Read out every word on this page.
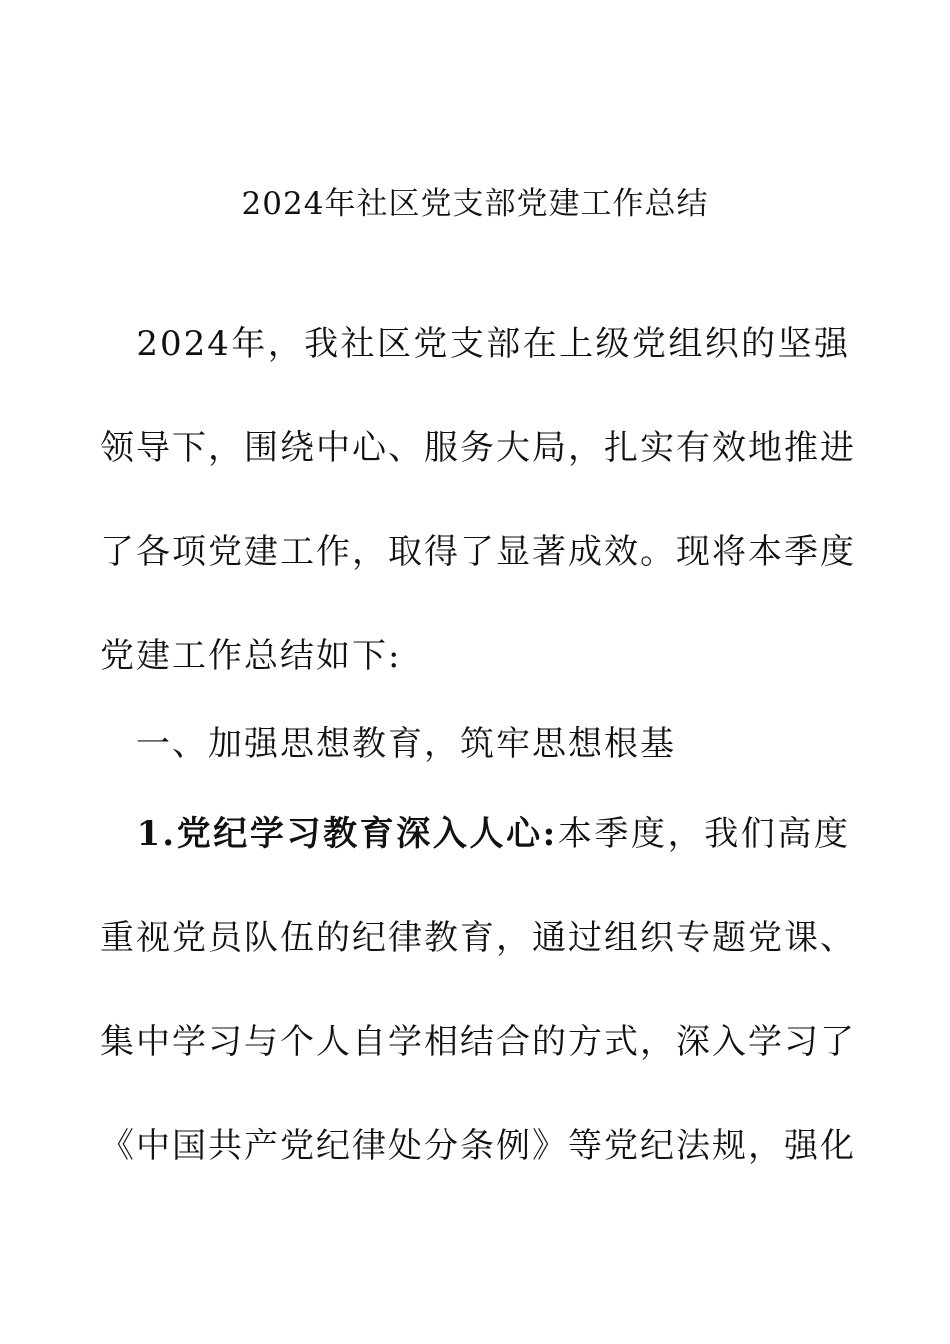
2024年社区党支部党建工作总结
　2024年，我社区党支部在上级党组织的坚强
领导下，围绕中心、服务大局，扎实有效地推进
了各项党建工作，取得了显著成效。现将本季度
党建工作总结如下:
　一、加强思想教育，筑牢思想根基
　1.党纪学习教育深入人心:本季度，我们高度
重视党员队伍的纪律教育，通过组织专题党课、
集中学习与个人自学相结合的方式，深入学习了
《中国共产党纪律处分条例》等党纪法规，强化
